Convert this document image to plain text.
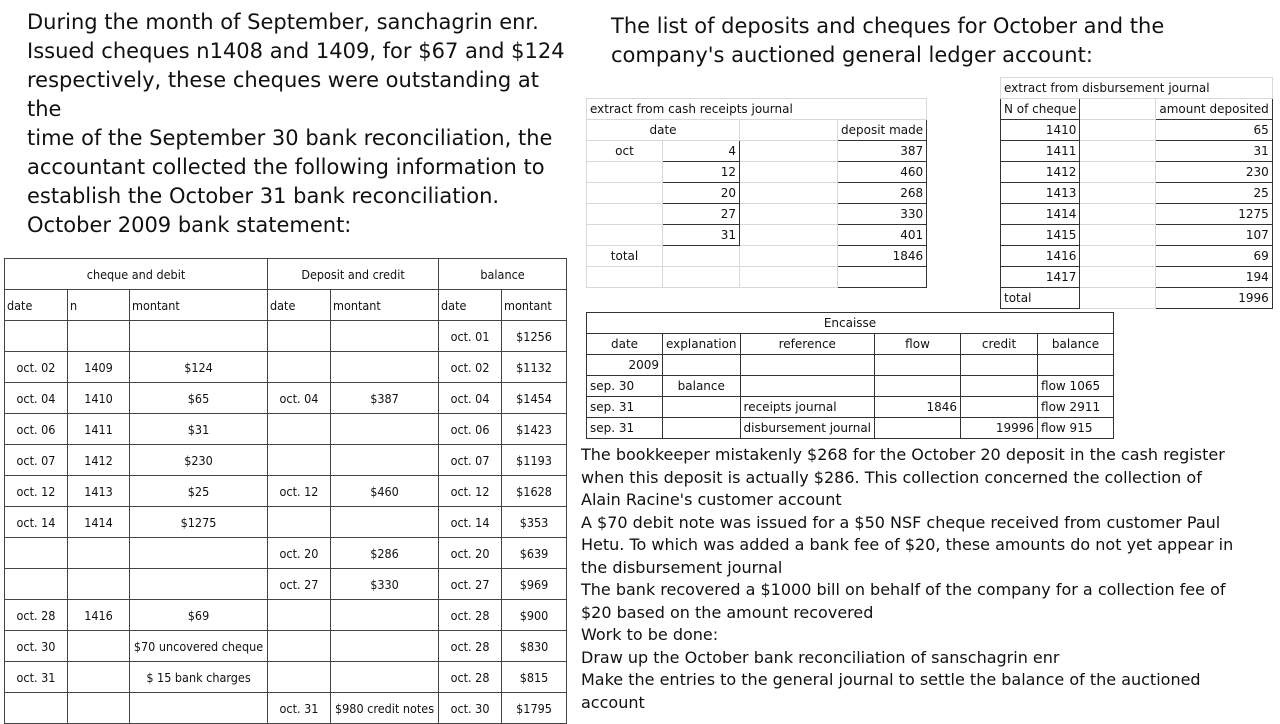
During the month of September, sanchagrin enr.
Issued cheques n1408 and 1409, for $67 and $124
respectively, these cheques were outstanding at the
time of the September 30 bank reconciliation, the
accountant collected the following information to
establish the October 31 bank reconciliation.
October 2009 bank statement:
The list of deposits and cheques for October and the
company's auctioned general ledger account:
cheque and debit			Deposit and credit		balance	
date	n	montant	date	montant	date	montant
					oct. 01	$1256
oct. 02	1409	$124			oct. 02	$1132
oct. 04	1410	$65	oct. 04	$387	oct. 04	$1454
oct. 06	1411	$31			oct. 06	$1423
oct. 07	1412	$230			oct. 07	$1193
oct. 12	1413	$25	oct. 12	$460	oct. 12	$1628
oct. 14	1414	$1275			oct. 14	$353
			oct. 20	$286	oct. 20	$639
			oct. 27	$330	oct. 27	$969
oct. 28	1416	$69			oct. 28	$900
oct. 30		$70 uncovered cheque			oct. 28	$830
oct. 31		$ 15 bank charges			oct. 28	$815
			oct. 31	$980 credit notes	oct. 30	$1795
extract from cash receipts journal			
date			deposit made
oct	4		387
	12		460
	20		268
	27		330
	31		401
total			1846

extract from disbursement journal		
N of cheque		amount deposited
1410		65
1411		31
1412		230
1413		25
1414		1275
1415		107
1416		69
1417		194
total		1996
Encaisse					
date	explanation	reference	flow	credit	balance
2009					
sep. 30	balance				flow 1065
sep. 31		receipts journal	1846		flow 2911
sep. 31		disbursement journal		19996	flow 915
The bookkeeper mistakenly $268 for the October 20 deposit in the cash register
when this deposit is actually $286. This collection concerned the collection of
Alain Racine's customer account
A $70 debit note was issued for a $50 NSF cheque received from customer Paul
Hetu. To which was added a bank fee of $20, these amounts do not yet appear in
the disbursement journal
The bank recovered a $1000 bill on behalf of the company for a collection fee of
$20 based on the amount recovered
Work to be done:
Draw up the October bank reconciliation of sanschagrin enr
Make the entries to the general journal to settle the balance of the auctioned
account
